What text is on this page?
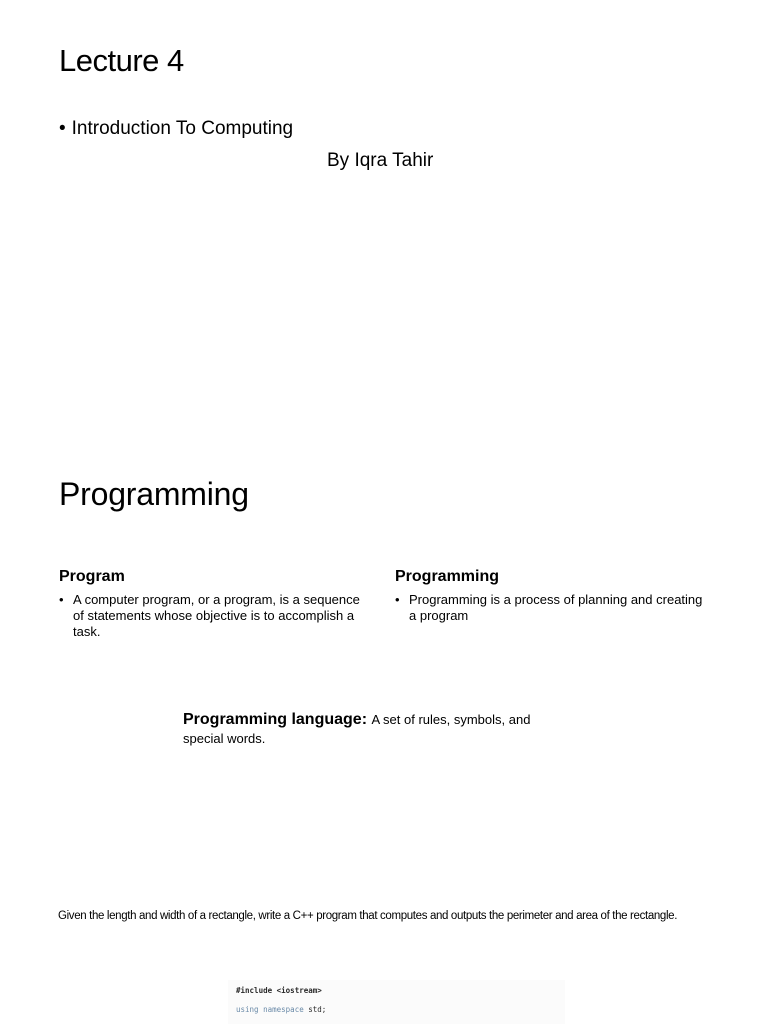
Lecture 4
• Introduction To Computing
By Iqra Tahir
Programming
Program
• A computer program, or a program, is a sequence of statements whose objective is to accomplish a task.
Programming
• Programming is a process of planning and creating a program
Programming language: A set of rules, symbols, and special words.
Given the length and width of a rectangle, write a C++ program that computes and outputs the perimeter and area of the rectangle.
#include <iostream>
using namespace std;
